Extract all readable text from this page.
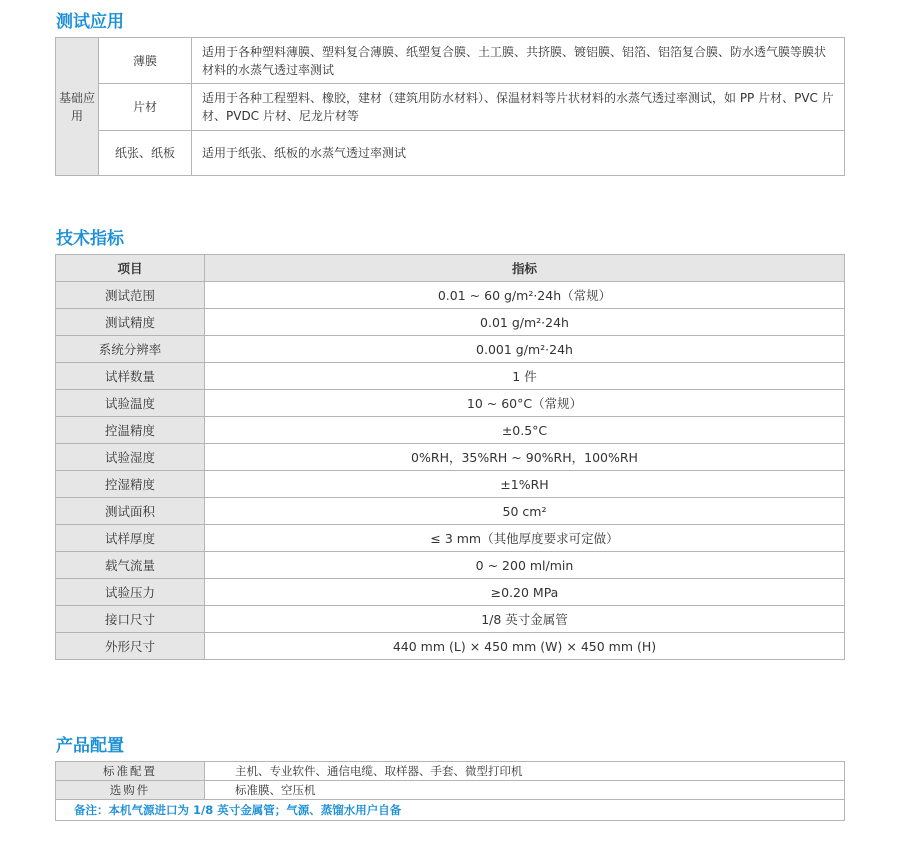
测试应用
基础应用	薄膜	适用于各种塑料薄膜、塑料复合薄膜、纸塑复合膜、土工膜、共挤膜、镀铝膜、铝箔、铝箔复合膜、防水透气膜等膜状材料的水蒸气透过率测试
	片材	适用于各种工程塑料、橡胶，建材（建筑用防水材料）、保温材料等片状材料的水蒸气透过率测试，如 PP 片材、PVC 片材、PVDC 片材、尼龙片材等
	纸张、纸板	适用于纸张、纸板的水蒸气透过率测试
技术指标
项目	指标
测试范围	0.01 ~ 60 g/m²·24h（常规）
测试精度	0.01 g/m²·24h
系统分辨率	0.001 g/m²·24h
试样数量	1 件
试验温度	10 ~ 60°C（常规）
控温精度	±0.5°C
试验湿度	0%RH，35%RH ~ 90%RH，100%RH
控湿精度	±1%RH
测试面积	50 cm²
试样厚度	≤ 3 mm（其他厚度要求可定做）
载气流量	0 ~ 200 ml/min
试验压力	≥0.20 MPa
接口尺寸	1/8 英寸金属管
外形尺寸	440 mm (L) × 450 mm (W) × 450 mm (H)
产品配置
标准配置	主机、专业软件、通信电缆、取样器、手套、微型打印机
选购件	标准膜、空压机
备注：本机气源进口为 1/8 英寸金属管；气源、蒸馏水用户自备	
